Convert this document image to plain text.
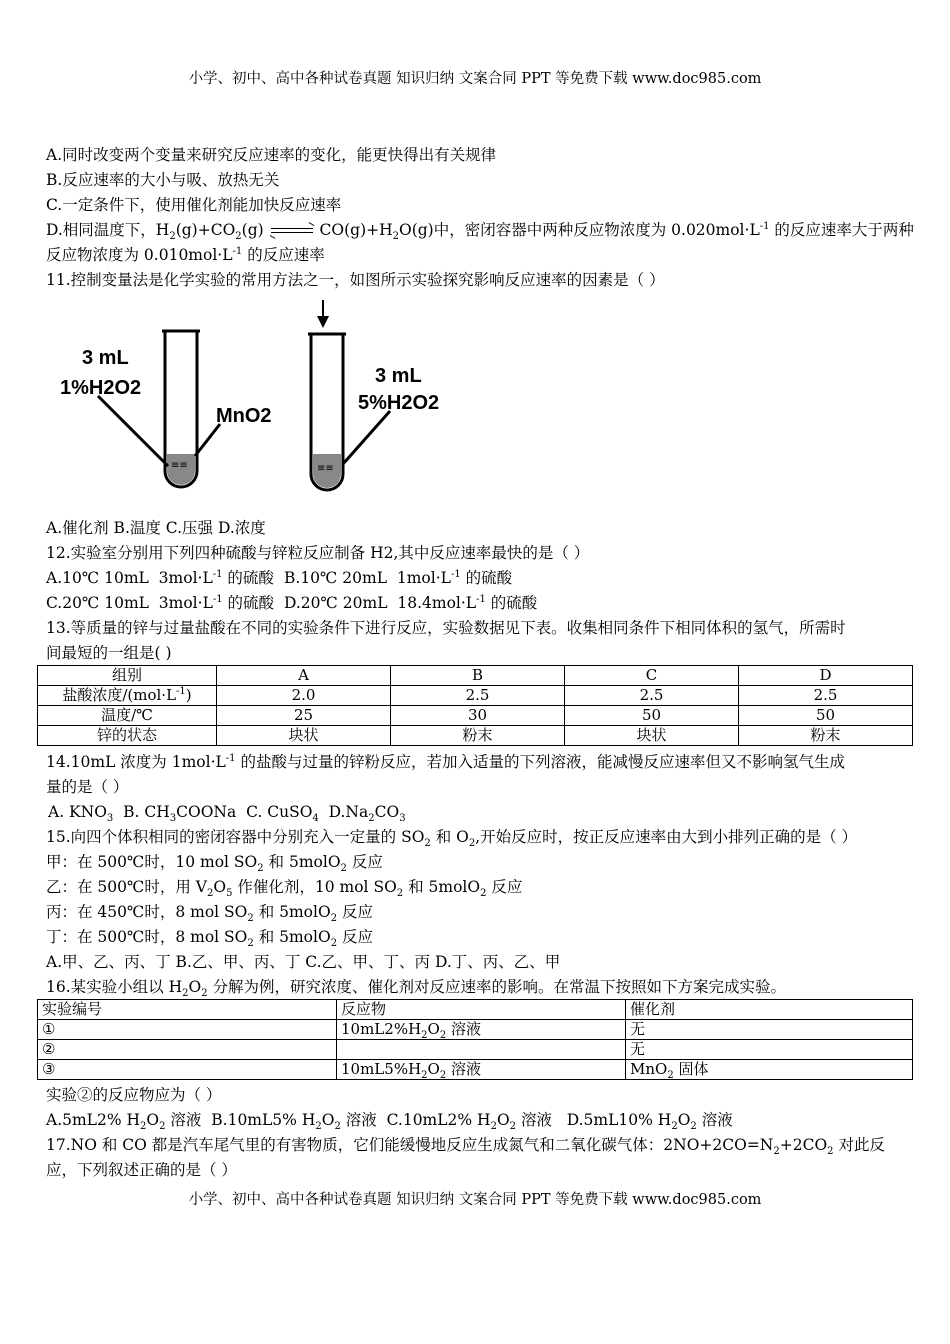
小学、初中、高中各种试卷真题 知识归纳 文案合同 PPT 等免费下载 www.doc985.com
A.同时改变两个变量来研究反应速率的变化，能更快得出有关规律
B.反应速率的大小与吸、放热无关
C.一定条件下，使用催化剂能加快反应速率
D.相同温度下，$H_2(g)+CO_2(g)$ ⇌ $CO(g)+H_2O(g)$中，密闭容器中两种反应物浓度为 $0.020mol\cdot L^{-1}$ 的反应速率大于两种
反应物浓度为 $0.010mol\cdot L^{-1}$ 的反应速率
11.控制变量法是化学实验的常用方法之一，如图所示实验探究影响反应速率的因素是（ ）
≡≡	≡≡
3 mL
1%H2O2
MnO2
3 mL
5%H2O2
A.催化剂 B.温度 C.压强 D.浓度
12.实验室分别用下列四种硫酸与锌粒反应制备 H2,其中反应速率最快的是（ ）
A.10℃ 10mL  $3mol\cdot L^{-1}$ 的硫酸 B.10℃ 20mL  $1mol\cdot L^{-1}$ 的硫酸
C.20℃ 10mL  $3mol\cdot L^{-1}$ 的硫酸 D.20℃ 20mL  $18.4mol\cdot L^{-1}$ 的硫酸
13.等质量的锌与过量盐酸在不同的实验条件下进行反应，实验数据见下表。收集相同条件下相同体积的氢气，所需时
间最短的一组是( )
组别	A	B	C	D
盐酸浓度$/(mol\cdot L^{-1})$	2.0	2.5	2.5	2.5
温度/℃	25	30	50	50
锌的状态	块状	粉末	块状	粉末
14.10mL 浓度为 $1mol\cdot L^{-1}$ 的盐酸与过量的锌粉反应，若加入适量的下列溶液，能减慢反应速率但又不影响氢气生成
量的是（ ）
A. $KNO_3$  B. $CH_3COONa$  C. CuSO$_4$  $D.Na_2CO_3$
15.向四个体积相同的密闭容器中分别充入一定量的 $SO_2$ 和 $O_2$,开始反应时，按正反应速率由大到小排列正确的是（ ）
甲：在 500℃时，10 mol $SO_2$ 和 5molO$_2$ 反应
乙：在 500℃时，用 $V_2O_5$ 作催化剂，10 mol $SO_2$ 和 5molO$_2$ 反应
丙：在 450℃时，8 mol $SO_2$ 和 5molO$_2$ 反应
丁：在 500℃时，8 mol $SO_2$ 和 5molO$_2$ 反应
A.甲、乙、丙、丁 B.乙、甲、丙、丁 C.乙、甲、丁、丙 D.丁、丙、乙、甲
16.某实验小组以 $H_2O_2$ 分解为例，研究浓度、催化剂对反应速率的影响。在常温下按照如下方案完成实验。
实验编号	反应物	催化剂
①	$10mL2\%H_2O_2$ 溶液	无
②		无
③	$10mL5\%H_2O_2$ 溶液	MnO$_2$ 固体
实验②的反应物应为（ ）
A.5mL2% $H_2O_2$ 溶液  B.10mL5% $H_2O_2$ 溶液  C.10mL2% $H_2O_2$ 溶液   D.5mL10% $H_2O_2$ 溶液
17.NO 和 CO 都是汽车尾气里的有害物质，它们能缓慢地反应生成氮气和二氧化碳气体：$2NO+2CO=N_2+2CO_2$ 对此反
应，下列叙述正确的是（ ）
小学、初中、高中各种试卷真题 知识归纳 文案合同 PPT 等免费下载 www.doc985.com
